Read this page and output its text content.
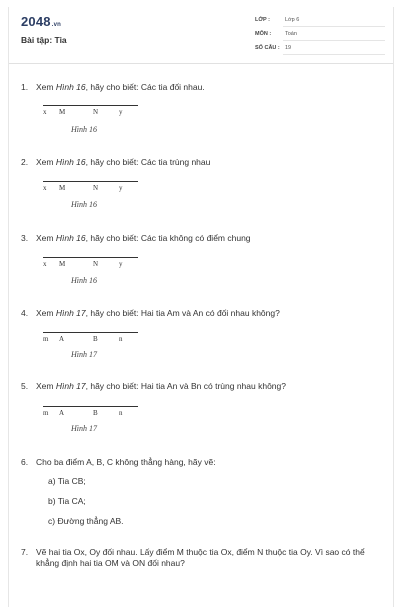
2048.vn
Bài tập: Tia
LỚP :	Lớp 6
MÔN :	Toán
SỐ CÂU : 19
1. Xem Hình 16, hãy cho biết: Các tia đối nhau.
x M	N	y
Hình 16
2. Xem Hình 16, hãy cho biết: Các tia trùng nhau
x M	N	y
Hình 16
3. Xem Hình 16, hãy cho biết: Các tia không có điểm chung
x M	N	y
Hình 16
4. Xem Hình 17, hãy cho biết: Hai tia Am và An có đối nhau không?
m A	B	n
Hình 17
5. Xem Hình 17, hãy cho biết: Hai tia An và Bn có trùng nhau không?
m A	B	n
Hình 17
6. Cho ba điểm A, B, C không thẳng hàng, hãy vẽ:
a) Tia CB;
b) Tia CA;
c) Đường thẳng AB.
7. Vẽ hai tia Ox, Oy đối nhau. Lấy điểm M thuộc tia Ox, điểm N thuộc tia Oy. Vì sao có thể khẳng định hai tia OM và ON đối nhau?
